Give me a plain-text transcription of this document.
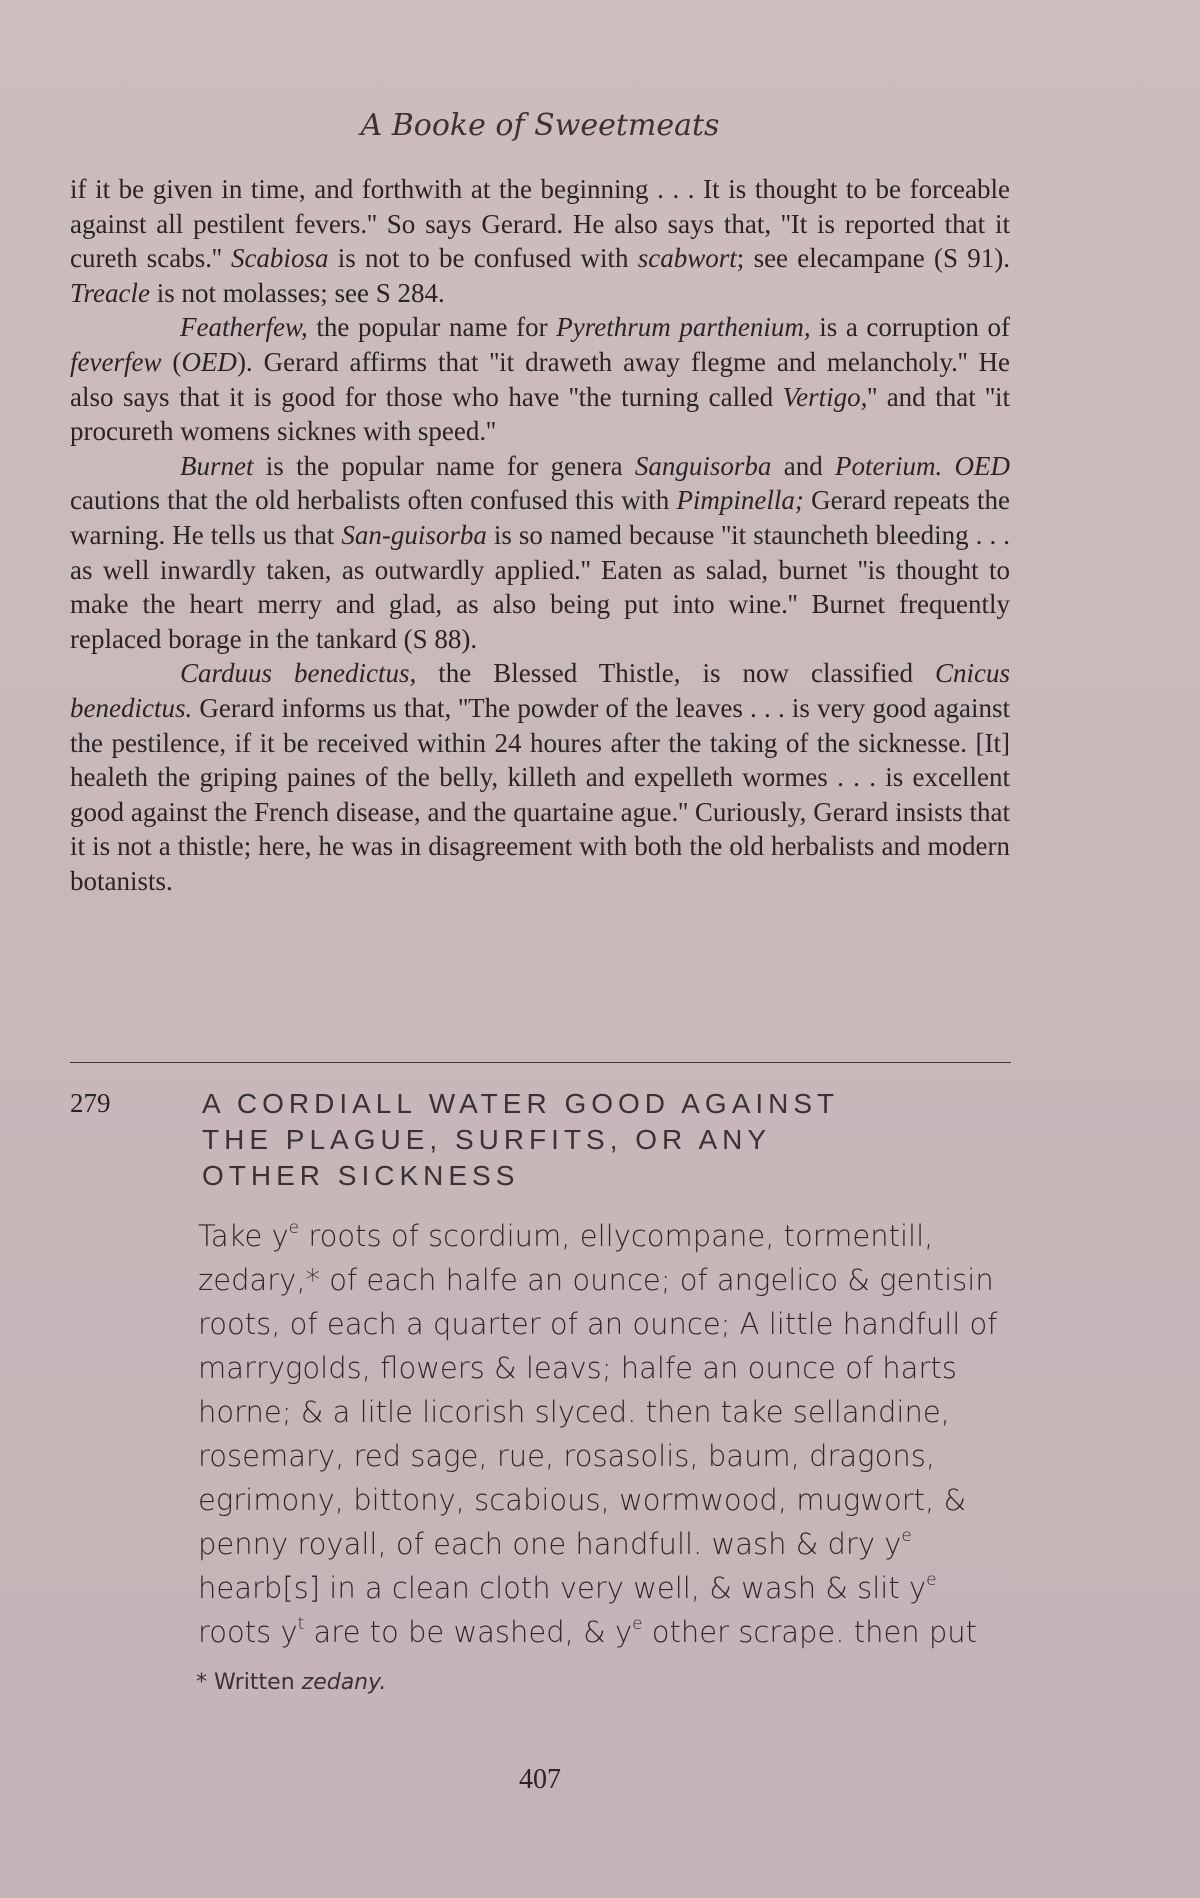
A Booke of Sweetmeats

if it be given in time, and forthwith at the beginning . . . It is thought to be forceable against all pestilent fevers.'' So says Gerard. He also says that, ''It is reported that it cureth scabs.'' Scabiosa is not to be confused with scabwort; see elecampane (S 91). Treacle is not molasses; see S 284.

Featherfew, the popular name for Pyrethrum parthenium, is a corruption of feverfew (OED). Gerard affirms that ''it draweth away flegme and melancholy.'' He also says that it is good for those who have ''the turning called Vertigo,'' and that ''it procureth womens sicknes with speed.''

Burnet is the popular name for genera Sanguisorba and Poterium. OED cautions that the old herbalists often confused this with Pimpinella; Gerard repeats the warning. He tells us that San-guisorba is so named because ''it stauncheth bleeding . . . as well inwardly taken, as outwardly applied.'' Eaten as salad, burnet ''is thought to make the heart merry and glad, as also being put into wine.'' Burnet frequently replaced borage in the tankard (S 88).

Carduus benedictus, the Blessed Thistle, is now classified Cnicus benedictus. Gerard informs us that, ''The powder of the leaves . . . is very good against the pestilence, if it be received within 24 houres after the taking of the sicknesse. [It] healeth the griping paines of the belly, killeth and expelleth wormes . . . is excellent good against the French disease, and the quartaine ague.'' Curiously, Gerard insists that it is not a thistle; here, he was in disagreement with both the old herbalists and modern botanists.

279	A CORDIALL WATER GOOD AGAINST
THE PLAGUE, SURFITS, OR ANY
OTHER SICKNESS
Take $y^e$ roots of scordium, ellycompane, tormentill,
zedary,* of each halfe an ounce; of angelico & gentisin
roots, of each a quarter of an ounce; A little handfull of
marrygolds, flowers & leavs; halfe an ounce of harts
horne; & a litle licorish slyced. then take sellandine,
rosemary, red sage, rue, rosasolis, baum, dragons,
egrimony, bittony, scabious, wormwood, mugwort, &
penny royall, of each one handfull. wash & dry $y^e$
hearb[s] in a clean cloth very well, & wash & slit $y^e$
roots $y^t$ are to be washed, & $y^e$ other scrape. then put
* Written zedany.
407
